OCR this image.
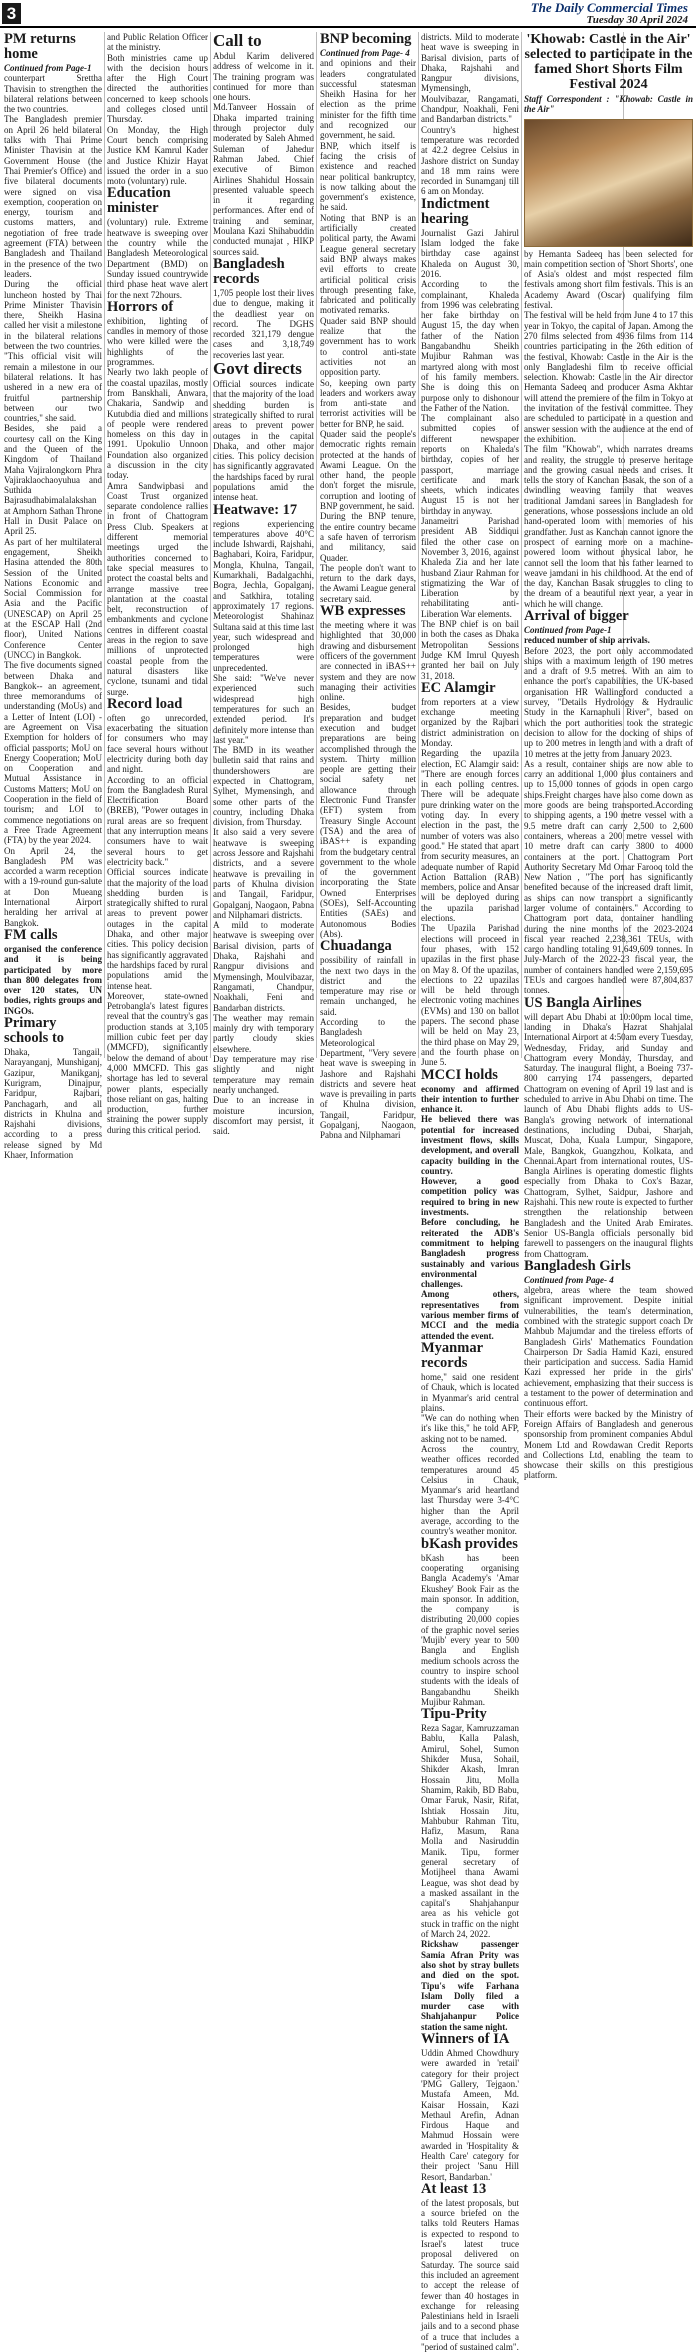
3	The Daily Commercial Times
Tuesday 30 April 2024
PM returns home
Continued from Page-1

counterpart Srettha Thavisin to strengthen the bilateral relations between the two countries.

The Bangladesh premier on April 26 held bilateral talks with Thai Prime Minister Thavisin at the Government House (the Thai Premier's Office) and five bilateral documents were signed on visa exemption, cooperation on energy, tourism and customs matters, and negotiation of free trade agreement (FTA) between Bangladesh and Thailand in the presence of the two leaders.

During the official luncheon hosted by Thai Prime Minister Thavisin there, Sheikh Hasina called her visit a milestone in the bilateral relations between the two countries. "This official visit will remain a milestone in our bilateral relations. It has ushered in a new era of fruitful partnership between our two countries," she said.

Besides, she paid a courtesy call on the King and the Queen of the Kingdom of Thailand Maha Vajiralongkorn Phra Vajiraklaochaoyuhua and Suthida Bajrasudhabimalalakshan at Amphorn Sathan Throne Hall in Dusit Palace on April 25.

As part of her multilateral engagement, Sheikh Hasina attended the 80th Session of the United Nations Economic and Social Commission for Asia and the Pacific (UNESCAP) on April 25 at the ESCAP Hall (2nd floor), United Nations Conference Center (UNCC) in Bangkok.

The five documents signed between Dhaka and Bangkok-- an agreement, three memorandums of understanding (MoUs) and a Letter of Intent (LOI) - are Agreement on Visa Exemption for holders of official passports; MoU on Energy Cooperation; MoU on Cooperation and Mutual Assistance in Customs Matters; MoU on Cooperation in the field of tourism; and LOI to commence negotiations on a Free Trade Agreement (FTA) by the year 2024.

On April 24, the Bangladesh PM was accorded a warm reception with a 19-round gun-salute at Don Mueang International Airport heralding her arrival at Bangkok.

FM calls

organised the conference and it is being participated by more than 800 delegates from over 120 states, UN bodies, rights groups and INGOs.

Primary schools to

Dhaka, Tangail, Narayanganj, Munshiganj, Gazipur, Manikganj, Kurigram, Dinajpur, Faridpur, Rajbari, Panchagarh, and all districts in Khulna and Rajshahi divisions, according to a press release signed by Md Khaer, Information

and Public Relation Officer at the ministry.

Both ministries came up with the decision hours after the High Court directed the authorities concerned to keep schools and colleges closed until Thursday.

On Monday, the High Court bench comprising Justice KM Kamrul Kader and Justice Khizir Hayat issued the order in a suo moto (voluntary) rule.

Education minister

(voluntary) rule. Extreme heatwave is sweeping over the country while the Bangladesh Meteorological Department (BMD) on Sunday issued countrywide third phase heat wave alert for the next 72hours.

Horrors of

exhibition, lighting of candles in memory of those who were killed were the highlights of the programmes.

Nearly two lakh people of the coastal upazilas, mostly from Banskhali, Anwara, Chakaria, Sandwip and Kutubdia died and millions of people were rendered homeless on this day in 1991. Upokulio Unnoon Foundation also organized a discussion in the city today.

Amra Sandwipbasi and Coast Trust organized separate condolence rallies in front of Chattogram Press Club. Speakers at different memorial meetings urged the authorities concerned to take special measures to protect the coastal belts and arrange massive tree plantation at the coastal belt, reconstruction of embankments and cyclone centres in different coastal areas in the region to save millions of unprotected coastal people from the natural disasters like cyclone, tsunami and tidal surge.

Record load

often go unrecorded, exacerbating the situation for consumers who may face several hours without electricity during both day and night.

According to an official from the Bangladesh Rural Electrification Board (BREB), "Power outages in rural areas are so frequent that any interruption means consumers have to wait several hours to get electricity back."

Official sources indicate that the majority of the load shedding burden is strategically shifted to rural areas to prevent power outages in the capital Dhaka, and other major cities. This policy decision has significantly aggravated the hardships faced by rural populations amid the intense heat.

Moreover, state-owned Petrobangla's latest figures reveal that the country's gas production stands at 3,105 million cubic feet per day (MMCFD), significantly below the demand of about 4,000 MMCFD. This gas shortage has led to several power plants, especially those reliant on gas, halting production, further straining the power supply during this critical period.

Call to

Abdul Karim delivered address of welcome in it. The training program was continued for more than one hours.

Md.Tanveer Hossain of Dhaka imparted training through projector duly moderated by Saleh Ahmed Suleman of Jahedur Rahman Jabed. Chief executive of Bimon Airlines Shahidul Hossain presented valuable speech in it regarding performances. After end of training and seminar, Moulana Kazi Shihabuddin conducted munajat , HIKP sources said.

Bangladesh records

1,705 people lost their lives due to dengue, making it the deadliest year on record. The DGHS recorded 321,179 dengue cases and 3,18,749 recoveries last year.

Govt directs

Official sources indicate that the majority of the load shedding burden is strategically shifted to rural areas to prevent power outages in the capital Dhaka, and other major cities. This policy decision has significantly aggravated the hardships faced by rural populations amid the intense heat.

Heatwave: 17

regions experiencing temperatures above 40°C include Ishwardi, Rajshahi, Baghabari, Koira, Faridpur, Mongla, Khulna, Tangail, Kumarkhali, Badalgachhi, Bogra, Jechla, Gopalganj, and Satkhira, totaling approximately 17 regions. Meteorologist Shahinaz Sultana said at this time last year, such widespread and prolonged high temperatures were unprecedented.

She said: "We've never experienced such widespread high temperatures for such an extended period. It's definitely more intense than last year."

The BMD in its weather bulletin said that rains and thundershowers are expected in Chattogram, Sylhet, Mymensingh, and some other parts of the country, including Dhaka division, from Thursday.

It also said a very severe heatwave is sweeping across Jessore and Rajshahi districts, and a severe heatwave is prevailing in parts of Khulna division and Tangail, Faridpur, Gopalganj, Naogaon, Pabna and Nilphamari districts.

A mild to moderate heatwave is sweeping over Barisal division, parts of Dhaka, Rajshahi and Rangpur divisions and Mymensingh, Moulvibazar, Rangamati, Chandpur, Noakhali, Feni and Bandarban districts.

The weather may remain mainly dry with temporary partly cloudy skies elsewhere.

Day temperature may rise slightly and night temperature may remain nearly unchanged.

Due to an increase in moisture incursion, discomfort may persist, it said.

BNP becoming
Continued from Page- 4

and opinions and their leaders congratulated successful statesman Sheikh Hasina for her election as the prime minister for the fifth time and recognized our government, he said.

BNP, which itself is facing the crisis of existence and reached near political bankruptcy, is now talking about the government's existence, he said.

Noting that BNP is an artificially created political party, the Awami League general secretary said BNP always makes evil efforts to create artificial political crisis through presenting fake, fabricated and politically motivated remarks.

Quader said BNP should realize that the government has to work to control anti-state activities not an opposition party.

So, keeping own party leaders and workers away from anti-state and terrorist activities will be better for BNP, he said.

Quader said the people's democratic rights remain protected at the hands of Awami League. On the other hand, the people don't forget the misrule, corruption and looting of BNP government, he said.

During the BNP tenure, the entire country became a safe haven of terrorism and militancy, said Quader.

The people don't want to return to the dark days, the Awami League general secretary said.

WB expresses

the meeting where it was highlighted that 30,000 drawing and disbursement officers of the government are connected in iBAS++ system and they are now managing their activities online.

Besides, budget preparation and budget execution and budget preparations are being accomplished through the system. Thirty million people are getting their social safety net allowance through Electronic Fund Transfer (EFT) system from Treasury Single Account (TSA) and the area of iBAS++ is expanding from the budgetary central government to the whole of the government incorporating the State Owned Enterprises (SOEs), Self-Accounting Entities (SAEs) and Autonomous Bodies (Abs).

Chuadanga

possibility of rainfall in the next two days in the district and the temperature may rise or remain unchanged, he said.

According to the Bangladesh Meteorological Department, "Very severe heat wave is sweeping in Jashore and Rajshahi districts and severe heat wave is prevailing in parts of Khulna division, Tangail, Faridpur, Gopalganj, Naogaon, Pabna and Nilphamari

districts. Mild to moderate heat wave is sweeping in Barisal division, parts of Dhaka, Rajshahi and Rangpur divisions, Mymensingh, Moulvibazar, Rangamati, Chandpur, Noakhali, Feni and Bandarban districts."

Country's highest temperature was recorded at 42.2 degree Celsius in Jashore district on Sunday and 18 mm rains were recorded in Sunamganj till 6 am on Monday.

Indictment hearing

Journalist Gazi Jahirul Islam lodged the fake birthday case against Khaleda on August 30, 2016.

According to the complainant, Khaleda from 1996 was celebrating her fake birthday on August 15, the day when father of the Nation Bangabandhu Sheikh Mujibur Rahman was martyred along with most of his family members. She is doing this on purpose only to dishonour the Father of the Nation.

The complainant also submitted copies of different newspaper reports on Khaleda's birthday, copies of her passport, marriage certificate and mark sheets, which indicates August 15 is not her birthday in anyway.

Janameitri Parishad president AB Siddiqui filed the other case on November 3, 2016, against Khaleda Zia and her late husband Ziaur Rahman for stigmatizing the War of Liberation by rehabilitating anti-Liberation War elements.

The BNP chief is on bail in both the cases as Dhaka Metropolitan Sessions Judge KM Imrul Quyesh granted her bail on July 31, 2018.

EC Alamgir

from reporters at a view exchange meeting organized by the Rajbari district administration on Monday.

Regarding the upazila election, EC Alamgir said: "There are enough forces in each polling centres. There will be adequate pure drinking water on the voting day. In every election in the past, the number of voters was also good." He stated that apart from security measures, an adequate number of Rapid Action Battalion (RAB) members, police and Ansar will be deployed during the upazila parishad elections.

The Upazila Parishad elections will proceed in four phases, with 152 upazilas in the first phase on May 8. Of the upazilas, elections to 22 upazilas will be held through electronic voting machines (EVMs) and 130 on ballot papers. The second phase will be held on May 23, the third phase on May 29, and the fourth phase on June 5.

MCCI holds

economy and affirmed their intention to further enhance it.

He believed there was potential for increased investment flows, skills development, and overall capacity building in the country.

However, a good competition policy was required to bring in new investments.

Before concluding, he reiterated the ADB's commitment to helping Bangladesh progress sustainably and various environmental challenges.

Among others, representatives from various member firms of MCCI and the media attended the event.

Myanmar records

home," said one resident of Chauk, which is located in Myanmar's arid central plains.

"We can do nothing when it's like this," he told AFP, asking not to be named.

Across the country, weather offices recorded temperatures around 45 Celsius in Chauk, Myanmar's arid heartland last Thursday were 3-4°C higher than the April average, according to the country's weather monitor.

bKash provides

bKash has been cooperating organising Bangla Academy's 'Amar Ekushey' Book Fair as the main sponsor. In addition, the company is distributing 20,000 copies of the graphic novel series 'Mujib' every year to 500 Bangla and English medium schools across the country to inspire school students with the ideals of Bangabandhu Sheikh Mujibur Rahman.

Tipu-Prity

Reza Sagar, Kamruzzaman Bablu, Kalla Palash, Amirul, Sohel, Sumon Shikder Musa, Sohail, Shikder Akash, Imran Hossain Jitu, Molla Shamim, Rakib, BD Babu, Omar Faruk, Nasir, Rifat, Ishtiak Hossain Jitu, Mahbubur Rahman Titu, Hafiz, Masum, Rana Molla and Nasiruddin Manik. Tipu, former general secretary of Motijheel thana Awami League, was shot dead by a masked assailant in the capital's Shahjahanpur area as his vehicle got stuck in traffic on the night of March 24, 2022.

Rickshaw passenger Samia Afran Prity was also shot by stray bullets and died on the spot. Tipu's wife Farhana Islam Dolly filed a murder case with Shahjahanpur Police station the same night.

Winners of IA

Uddin Ahmed Chowdhury were awarded in 'retail' category for their project 'PMG Gallery, Tejgaon.' Mustafa Ameen, Md. Kaisar Hossain, Kazi Methaul Arefin, Adnan Firdous Haque and Mahmud Hossain were awarded in 'Hospitality & Health Care' category for their project 'Sanu Hill Resort, Bandarban.'

At least 13

of the latest proposals, but a source briefed on the talks told Reuters Hamas is expected to respond to Israel's latest truce proposal delivered on Saturday. The source said this included an agreement to accept the release of fewer than 40 hostages in exchange for releasing Palestinians held in Israeli jails and to a second phase of a truce that includes a "period of sustained calm".

'Khowab: Castle in the Air' selected to participate in the famed Short Shorts Film Festival 2024
Staff Correspondent : "Khowab: Castle in the Air"

by Hemanta Sadeeq has been selected for main competition section of 'Short Shorts', one of Asia's oldest and most respected film festivals among short film festivals. This is an Academy Award (Oscar) qualifying film festival.

The festival will be held from June 4 to 17 this year in Tokyo, the capital of Japan. Among the 270 films selected from 4936 films from 114 countries participating in the 26th edition of the festival, Khowab: Castle in the Air is the only Bangladeshi film to receive official selection. Khowab: Castle in the Air director Hemanta Sadeeq and producer Asma Akhtar will attend the premiere of the film in Tokyo at the invitation of the festival committee. They are scheduled to participate in a question and answer session with the audience at the end of the exhibition.

The film "Khowab", which narrates dreams and reality, the struggle to preserve heritage and the growing casual needs and crises. It tells the story of Kanchan Basak, the son of a dwindling weaving family that weaves traditional Jamdani sarees in Bangladesh for generations, whose possessions include an old hand-operated loom with memories of his grandfather. Just as Kanchan cannot ignore the prospect of earning more on a machine-powered loom without physical labor, he cannot sell the loom that his father learned to weave jamdani in his childhood. At the end of the day, Kanchan Basak struggles to cling to the dream of a beautiful next year, a year in which he will change.

Arrival of bigger
Continued from Page-1

reduced number of ship arrivals.

Before 2023, the port only accommodated ships with a maximum length of 190 metres and a draft of 9.5 metres. With an aim to enhance the port's capabilities, the UK-based organisation HR Wallingford conducted a survey, "Details Hydrology & Hydraulic Study in the Karnaphuli River", based on which the port authorities took the strategic decision to allow for the docking of ships of up to 200 metres in length and with a draft of 10 metres at the jetty from January 2023.

As a result, container ships are now able to carry an additional 1,000 plus containers and up to 15,000 tonnes of goods in open cargo ships.Freight charges have also come down as more goods are being transported.According to shipping agents, a 190 metre vessel with a 9.5 metre draft can carry 2,500 to 2,600 containers, whereas a 200 metre vessel with 10 metre draft can carry 3800 to 4000 containers at the port. Chattogram Port Authority Secretary Md Omar Farooq told the New Nation , "The port has significantly benefited because of the increased draft limit, as ships can now transport a significantly larger volume of containers." According to Chattogram port data, container handling during the nine months of the 2023-2024 fiscal year reached 2,238,361 TEUs, with cargo handling totaling 91,649,609 tonnes. In July-March of the 2022-23 fiscal year, the number of containers handled were 2,159,695 TEUs and cargoes handled were 87,804,837 tonnes.

US Bangla Airlines

will depart Abu Dhabi at 10:00pm local time, landing in Dhaka's Hazrat Shahjalal International Airport at 4:50am every Tuesday, Wednesday, Friday, and Sunday and Chattogram every Monday, Thursday, and Saturday. The inaugural flight, a Boeing 737-800 carrying 174 passengers, departed Chattogram on evening of April 19 last and is scheduled to arrive in Abu Dhabi on time. The launch of Abu Dhabi flights adds to US-Bangla's growing network of international destinations, including Dubai, Sharjah, Muscat, Doha, Kuala Lumpur, Singapore, Male, Bangkok, Guangzhou, Kolkata, and Chennai.Apart from international routes, US-Bangla Airlines is operating domestic flights especially from Dhaka to Cox's Bazar, Chattogram, Sylhet, Saidpur, Jashore and Rajshahi. This new route is expected to further strengthen the relationship between Bangladesh and the United Arab Emirates. Senior US-Bangla officials personally bid farewell to passengers on the inaugural flights from Chattogram.

Bangladesh Girls
Continued from Page- 4

algebra, areas where the team showed significant improvement. Despite initial vulnerabilities, the team's determination, combined with the strategic support coach Dr Mahbub Majumdar and the tireless efforts of Bangladesh Girls' Mathematics Foundation Chairperson Dr Sadia Hamid Kazi, ensured their participation and success. Sadia Hamid Kazi expressed her pride in the girls' achievement, emphasizing that their success is a testament to the power of determination and continuous effort.

Their efforts were backed by the Ministry of Foreign Affairs of Bangladesh and generous sponsorship from prominent companies Abdul Monem Ltd and Rowdawan Credit Reports and Collections Ltd, enabling the team to showcase their skills on this prestigious platform.
